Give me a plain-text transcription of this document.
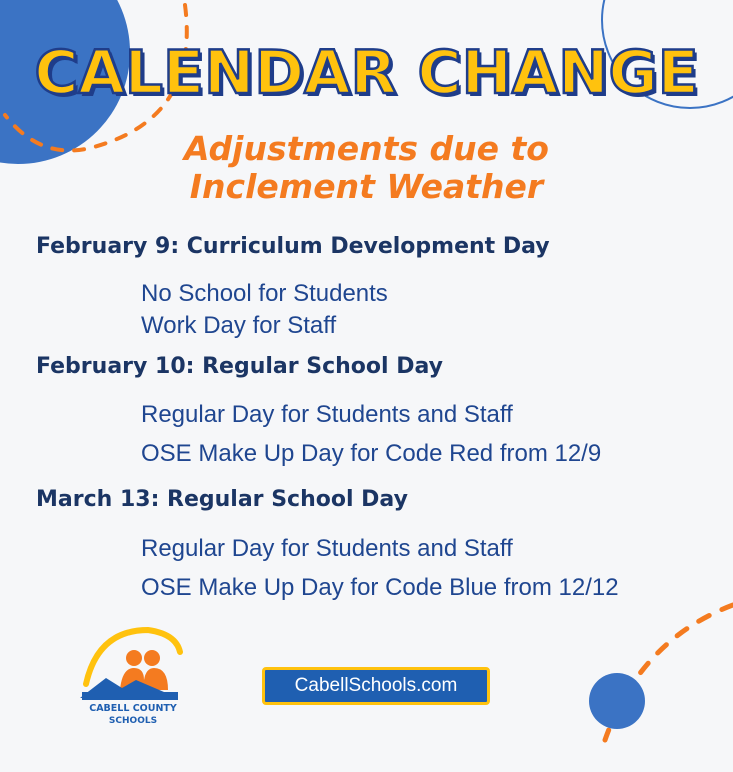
CALENDAR CHANGE
Adjustments due to
Inclement Weather
February 9: Curriculum Development Day
No School for Students
Work Day for Staff
February 10: Regular School Day
Regular Day for Students and Staff
OSE Make Up Day for Code Red from 12/9
March 13: Regular School Day
Regular Day for Students and Staff
OSE Make Up Day for Code Blue from 12/12
CABELL COUNTY
SCHOOLS
CabellSchools.com
